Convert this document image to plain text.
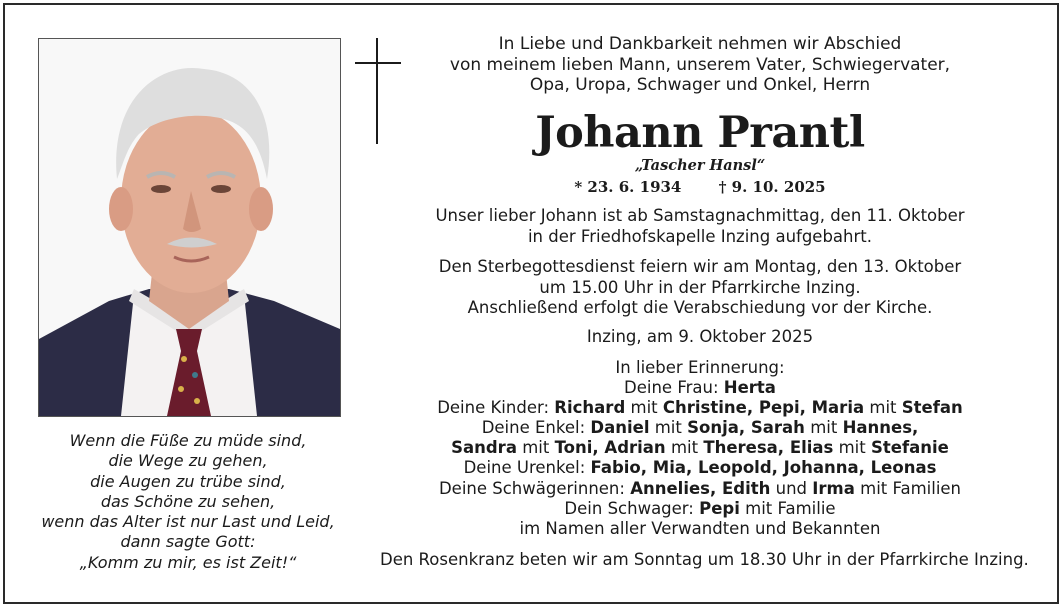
Wenn die Füße zu müde sind,
die Wege zu gehen,
die Augen zu trübe sind,
das Schöne zu sehen,
wenn das Alter ist nur Last und Leid,
dann sagte Gott:
„Komm zu mir, es ist Zeit!“
In Liebe und Dankbarkeit nehmen wir Abschied
von meinem lieben Mann, unserem Vater, Schwiegervater,
Opa, Uropa, Schwager und Onkel, Herrn
Johann Prantl
„Tascher Hansl“
* 23. 6. 1934 † 9. 10. 2025
Unser lieber Johann ist ab Samstagnachmittag, den 11. Oktober
in der Friedhofskapelle Inzing aufgebahrt.
Den Sterbegottesdienst feiern wir am Montag, den 13. Oktober
um 15.00 Uhr in der Pfarrkirche Inzing.
Anschließend erfolgt die Verabschiedung vor der Kirche.
Inzing, am 9. Oktober 2025
In lieber Erinnerung:
Deine Frau: Herta
Deine Kinder: Richard mit Christine, Pepi, Maria mit Stefan
Deine Enkel: Daniel mit Sonja, Sarah mit Hannes,
Sandra mit Toni, Adrian mit Theresa, Elias mit Stefanie
Deine Urenkel: Fabio, Mia, Leopold, Johanna, Leonas
Deine Schwägerinnen: Annelies, Edith und Irma mit Familien
Dein Schwager: Pepi mit Familie
im Namen aller Verwandten und Bekannten
Den Rosenkranz beten wir am Sonntag um 18.30 Uhr in der Pfarrkirche Inzing.
